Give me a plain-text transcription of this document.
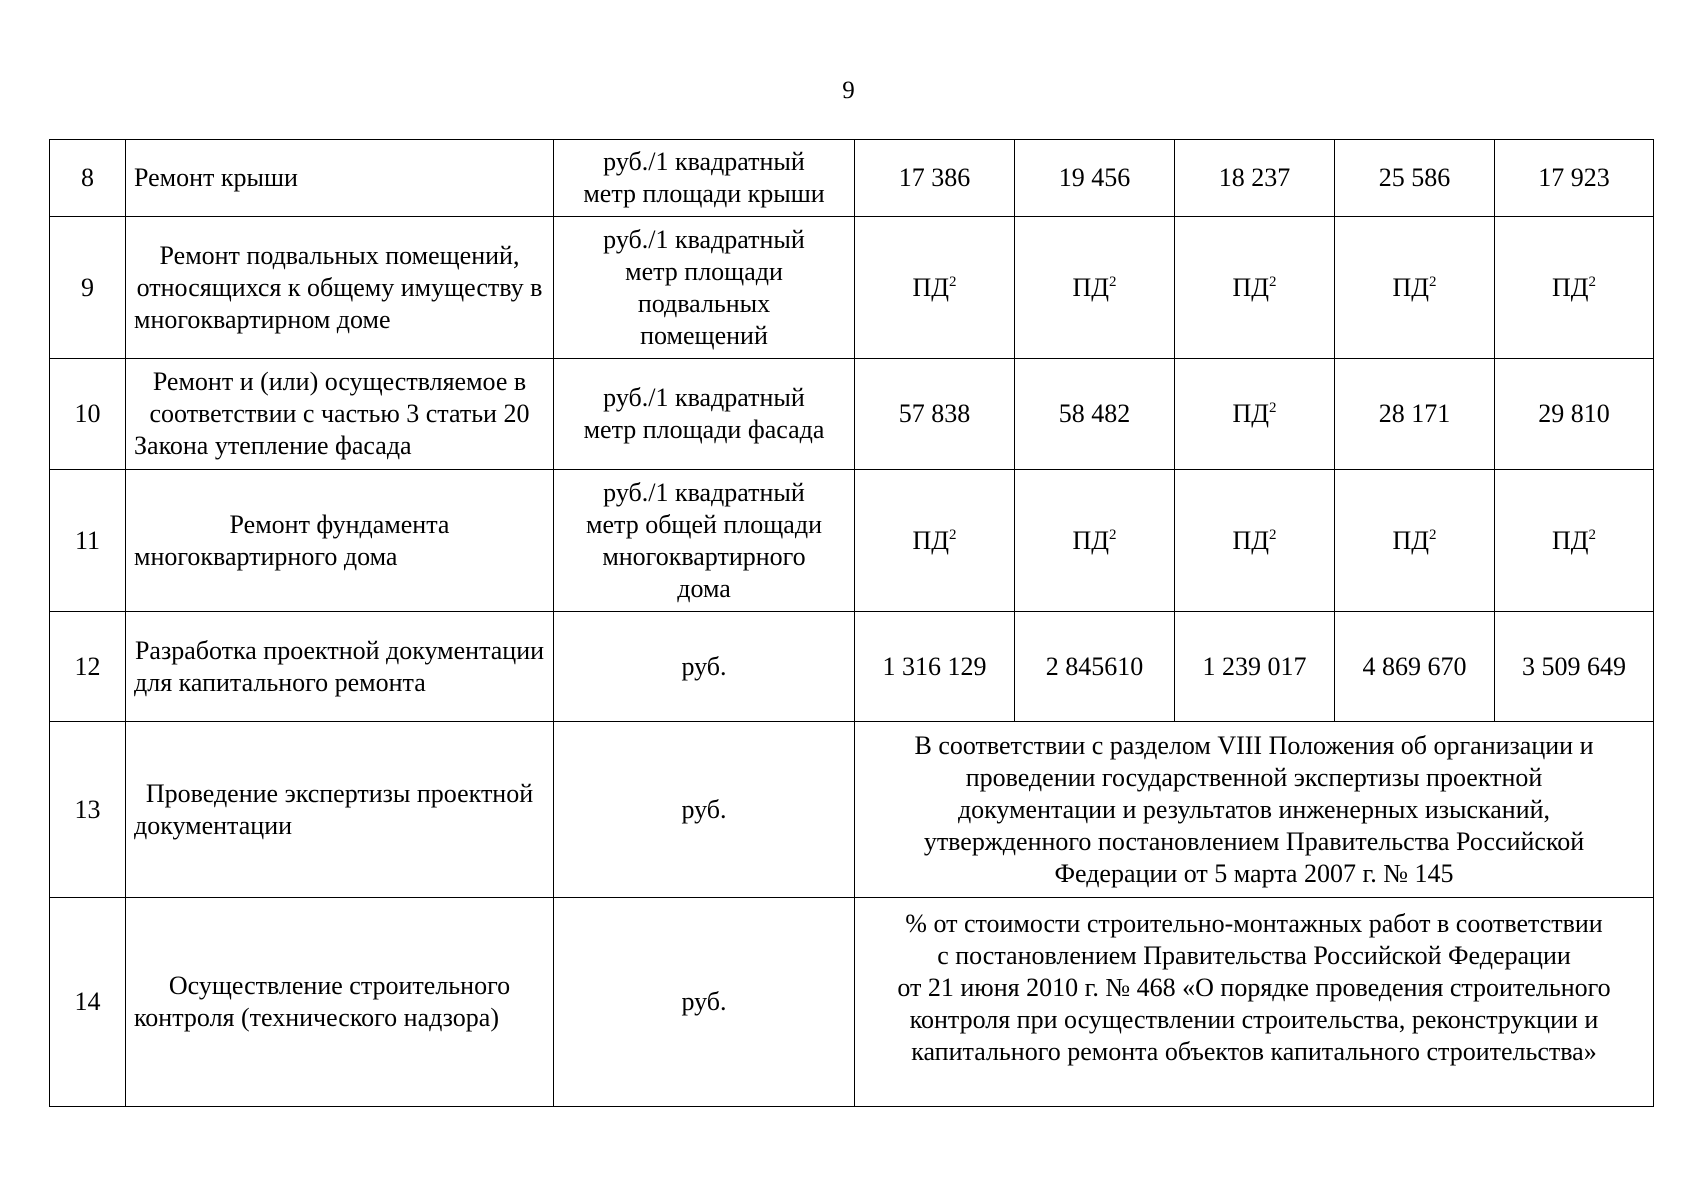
9
8	Ремонт крыши	руб./1 квадратный
метр площади крыши	17 386	19 456	18 237	25 586	17 923
9	Ремонт подвальных помещений, относящихся к общему имуществу в многоквартирном доме	руб./1 квадратный
метр площади
подвальных
помещений	$ПД^2$	$ПД^2$	$ПД^2$	$ПД^2$	$ПД^2$
10	Ремонт и (или) осуществляемое в соответствии с частью 3 статьи 20 Закона утепление фасада	руб./1 квадратный
метр площади фасада	57 838	58 482	$ПД^2$	28 171	29 810
11	Ремонт фундамента многоквартирного дома	руб./1 квадратный
метр общей площади
многоквартирного
дома	$ПД^2$	$ПД^2$	$ПД^2$	$ПД^2$	$ПД^2$
12	Разработка проектной документации для капитального ремонта	руб.	1 316 129	2 845610	1 239 017	4 869 670	3 509 649
13	Проведение экспертизы проектной документации	руб.	В соответствии с разделом VIII Положения об организации и
проведении государственной экспертизы проектной
документации и результатов инженерных изысканий,
утвержденного постановлением Правительства Российской
Федерации от 5 марта 2007 г. № 145				

14	Осуществление строительного контроля (технического надзора)	руб.	% от стоимости строительно-монтажных работ в соответствии
с постановлением Правительства Российской Федерации
от 21 июня 2010 г. № 468 «О порядке проведения строительного
контроля при осуществлении строительства, реконструкции и
капитального ремонта объектов капитального строительства»				
